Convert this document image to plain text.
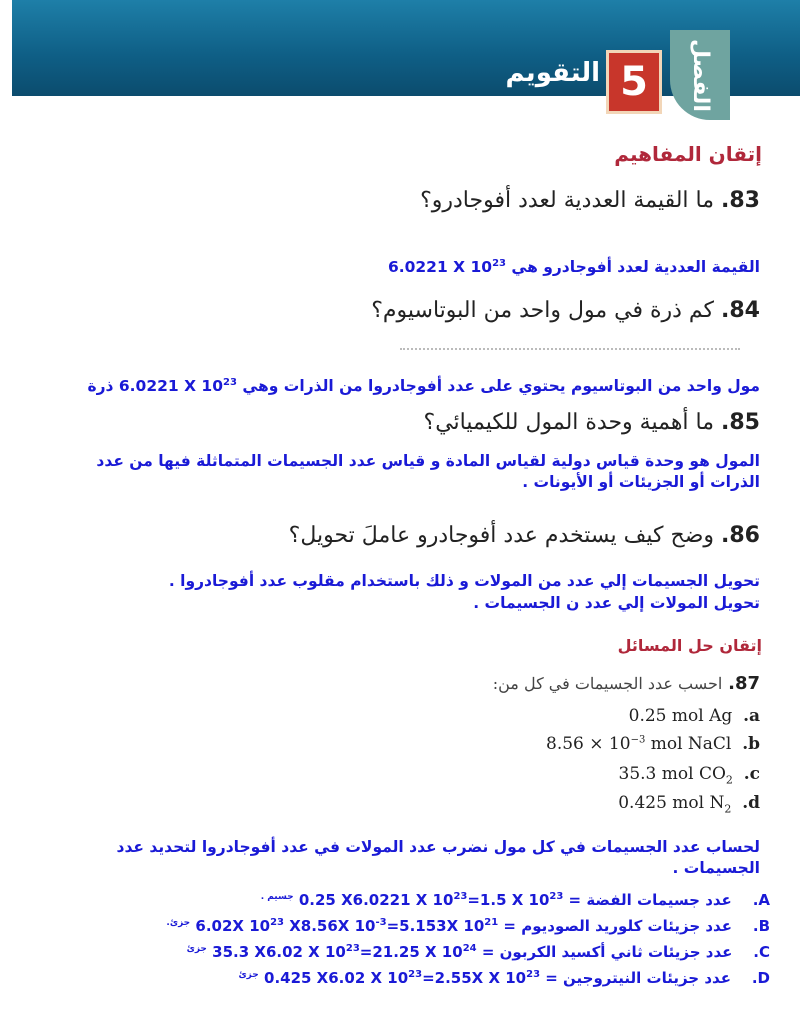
الفصل
5
التقويم
إتقان المفاهيم
83. ما القيمة العددية لعدد أفوجادرو؟
القيمة العددية لعدد أفوجادرو هي 6.0221 X $10^{23}$
84. كم ذرة في مول واحد من البوتاسيوم؟
مول واحد من البوتاسيوم يحتوي على عدد أفوجادروا من الذرات وهي 6.0221 X $10^{23}$ ذرة
85. ما أهمية وحدة المول للكيميائي؟
المول هو وحدة قياس دولية لقياس المادة و قياس عدد الجسيمات المتماثلة فيها من عدد
الذرات أو الجزيئات أو الأيونات .
86. وضح كيف يستخدم عدد أفوجادرو عاملَ تحويل؟
تحويل الجسيمات إلي عدد من المولات و ذلك باستخدام مقلوب عدد أفوجادروا .
تحويل المولات إلي عدد ن الجسيمات .
إتقان حل المسائل
87. احسب عدد الجسيمات في كل من:
0.25 mol Ag .a
$8.56 \times 10^{-3}$ mol NaCl .b
35.3 mol $CO_2$ .c
0.425 mol $N_2$ .d
لحساب عدد الجسيمات في كل مول نضرب عدد المولات في عدد أفوجادروا لتحديد عدد
الجسيمات .
A.    عدد جسيمات الفضة = 0.25 X6.0221 X $10^{23}=1.5$ X $10^{23}$ $^{جسيم .}$
B.    عدد جزيئات كلوريد الصوديوم = 6.02X $10^{23}$ X8.56X $10^{-3}=5.153X$ $10^{21}$ $^{جزئ.}$
C.    عدد جزيئات ثاني أكسيد الكربون = 35.3 X6.02 X $10^{23}=21.25$ X $10^{24}$ $^{جزئ}$
D.    عدد جزيئات النيتروجين = 0.425 X6.02 X $10^{23}=2.55X$ X $10^{23}$ $^{جزئ}$
